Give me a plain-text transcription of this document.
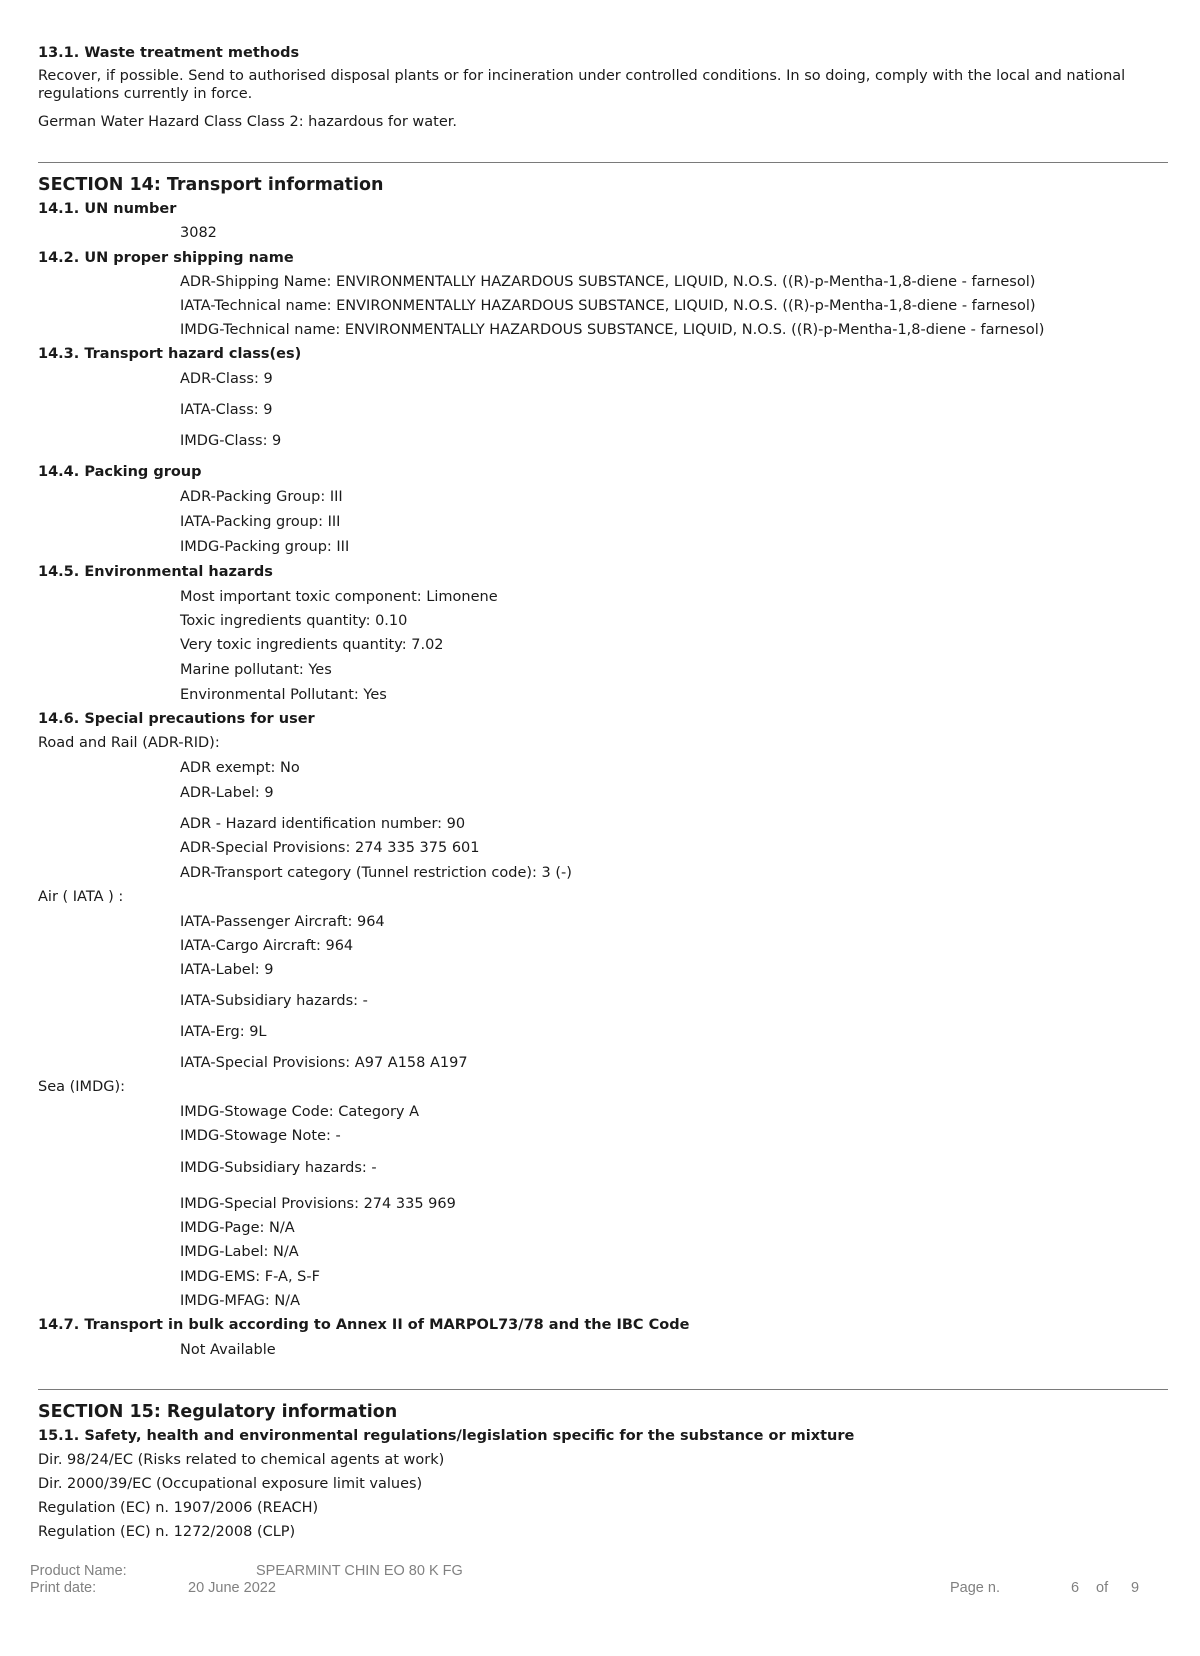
13.1. Waste treatment methods
Recover, if possible. Send to authorised disposal plants or for incineration under controlled conditions. In so doing, comply with the local and national regulations currently in force.
German Water Hazard Class Class 2: hazardous for water.
SECTION 14: Transport information
14.1. UN number
3082
14.2. UN proper shipping name
ADR-Shipping Name: ENVIRONMENTALLY HAZARDOUS SUBSTANCE, LIQUID, N.O.S. ((R)-p-Mentha-1,8-diene - farnesol)
IATA-Technical name: ENVIRONMENTALLY HAZARDOUS SUBSTANCE, LIQUID, N.O.S. ((R)-p-Mentha-1,8-diene - farnesol)
IMDG-Technical name: ENVIRONMENTALLY HAZARDOUS SUBSTANCE, LIQUID, N.O.S. ((R)-p-Mentha-1,8-diene - farnesol)
14.3. Transport hazard class(es)
ADR-Class: 9
IATA-Class: 9
IMDG-Class: 9
14.4. Packing group
ADR-Packing Group: III
IATA-Packing group: III
IMDG-Packing group: III
14.5. Environmental hazards
Most important toxic component: Limonene
Toxic ingredients quantity: 0.10
Very toxic ingredients quantity: 7.02
Marine pollutant: Yes
Environmental Pollutant: Yes
14.6. Special precautions for user
Road and Rail (ADR-RID):
ADR exempt: No
ADR-Label: 9
ADR - Hazard identification number: 90
ADR-Special Provisions: 274 335 375 601
ADR-Transport category (Tunnel restriction code): 3 (-)
Air ( IATA ) :
IATA-Passenger Aircraft: 964
IATA-Cargo Aircraft: 964
IATA-Label: 9
IATA-Subsidiary hazards: -
IATA-Erg: 9L
IATA-Special Provisions: A97 A158 A197
Sea (IMDG):
IMDG-Stowage Code: Category A
IMDG-Stowage Note: -
IMDG-Subsidiary hazards: -
IMDG-Special Provisions: 274 335 969
IMDG-Page: N/A
IMDG-Label: N/A
IMDG-EMS: F-A, S-F
IMDG-MFAG: N/A
14.7. Transport in bulk according to Annex II of MARPOL73/78 and the IBC Code
Not Available
SECTION 15: Regulatory information
15.1. Safety, health and environmental regulations/legislation specific for the substance or mixture
Dir. 98/24/EC (Risks related to chemical agents at work)
Dir. 2000/39/EC (Occupational exposure limit values)
Regulation (EC) n. 1907/2006 (REACH)
Regulation (EC) n. 1272/2008 (CLP)
Product Name:	SPEARMINT CHIN EO 80 K FG
Print date:	20 June 2022	Page n.	6 of 9
